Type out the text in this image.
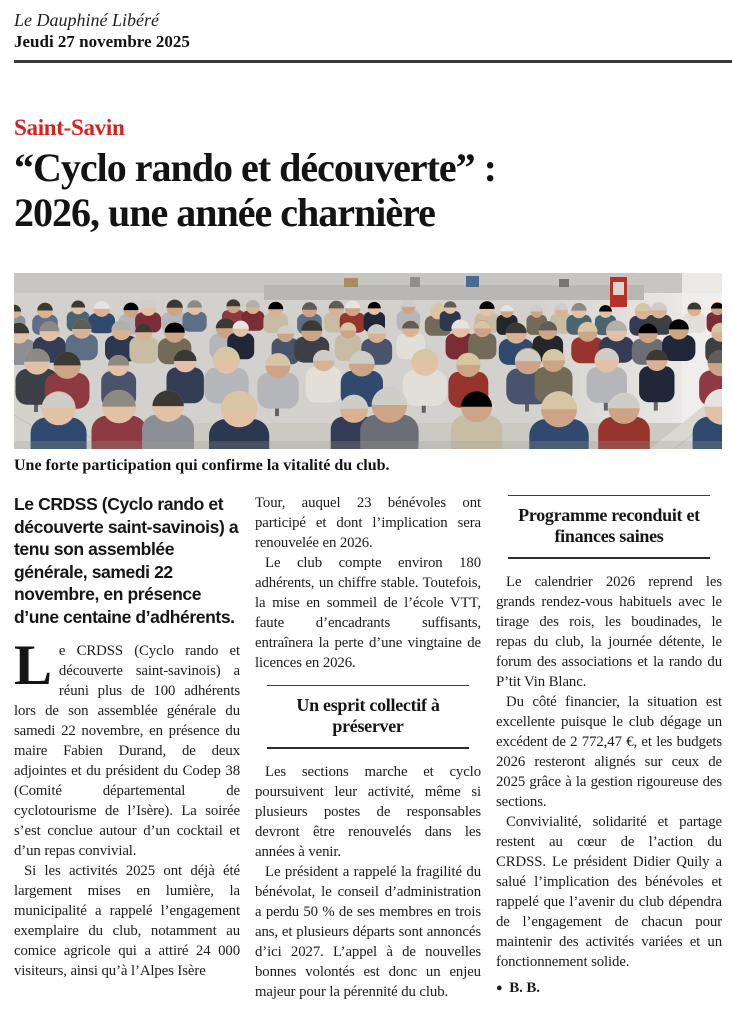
Le Dauphiné Libéré
Jeudi 27 novembre 2025
Saint-Savin
“Cyclo rando et découverte” :
2026, une année charnière
Une forte participation qui confirme la vitalité du club.

Le CRDSS (Cyclo rando et découverte saint-savinois) a tenu son assemblée générale, samedi 22 novembre, en présence d’une centaine d’adhérents.

Le CRDSS (Cyclo rando et découverte saint-savinois) a réuni plus de 100 adhérents lors de son assemblée générale du samedi 22 novembre, en présence du maire Fabien Durand, de deux adjointes et du président du Codep 38 (Comité départemental de cyclotourisme de l’Isère). La soirée s’est conclue autour d’un cocktail et d’un repas convivial.

Si les activités 2025 ont déjà été largement mises en lumière, la municipalité a rappelé l’engagement exemplaire du club, notamment au comice agricole qui a attiré 24 000 visiteurs, ainsi qu’à l’Alpes Isère

Tour, auquel 23 bénévoles ont participé et dont l’implication sera renouvelée en 2026.

Le club compte environ 180 adhérents, un chiffre stable. Toutefois, la mise en sommeil de l’école VTT, faute d’encadrants suffisants, entraînera la perte d’une vingtaine de licences en 2026.

Un esprit collectif à préserver

Les sections marche et cyclo poursuivent leur activité, même si plusieurs postes de responsables devront être renouvelés dans les années à venir.

Le président a rappelé la fragilité du bénévolat, le conseil d’administration a perdu 50 % de ses membres en trois ans, et plusieurs départs sont annoncés d’ici 2027. L’appel à de nouvelles bonnes volontés est donc un enjeu majeur pour la pérennité du club.

Programme reconduit et finances saines

Le calendrier 2026 reprend les grands rendez-vous habituels avec le tirage des rois, les boudinades, le repas du club, la journée détente, le forum des associations et la rando du P’tit Vin Blanc.

Du côté financier, la situation est excellente puisque le club dégage un excédent de 2 772,47 €, et les budgets 2026 resteront alignés sur ceux de 2025 grâce à la gestion rigoureuse des sections.

Convivialité, solidarité et partage restent au cœur de l’action du CRDSS. Le président Didier Quily a salué l’implication des bénévoles et rappelé que l’avenir du club dépendra de l’engagement de chacun pour maintenir des activités variées et un fonctionnement solide.

● B. B.
